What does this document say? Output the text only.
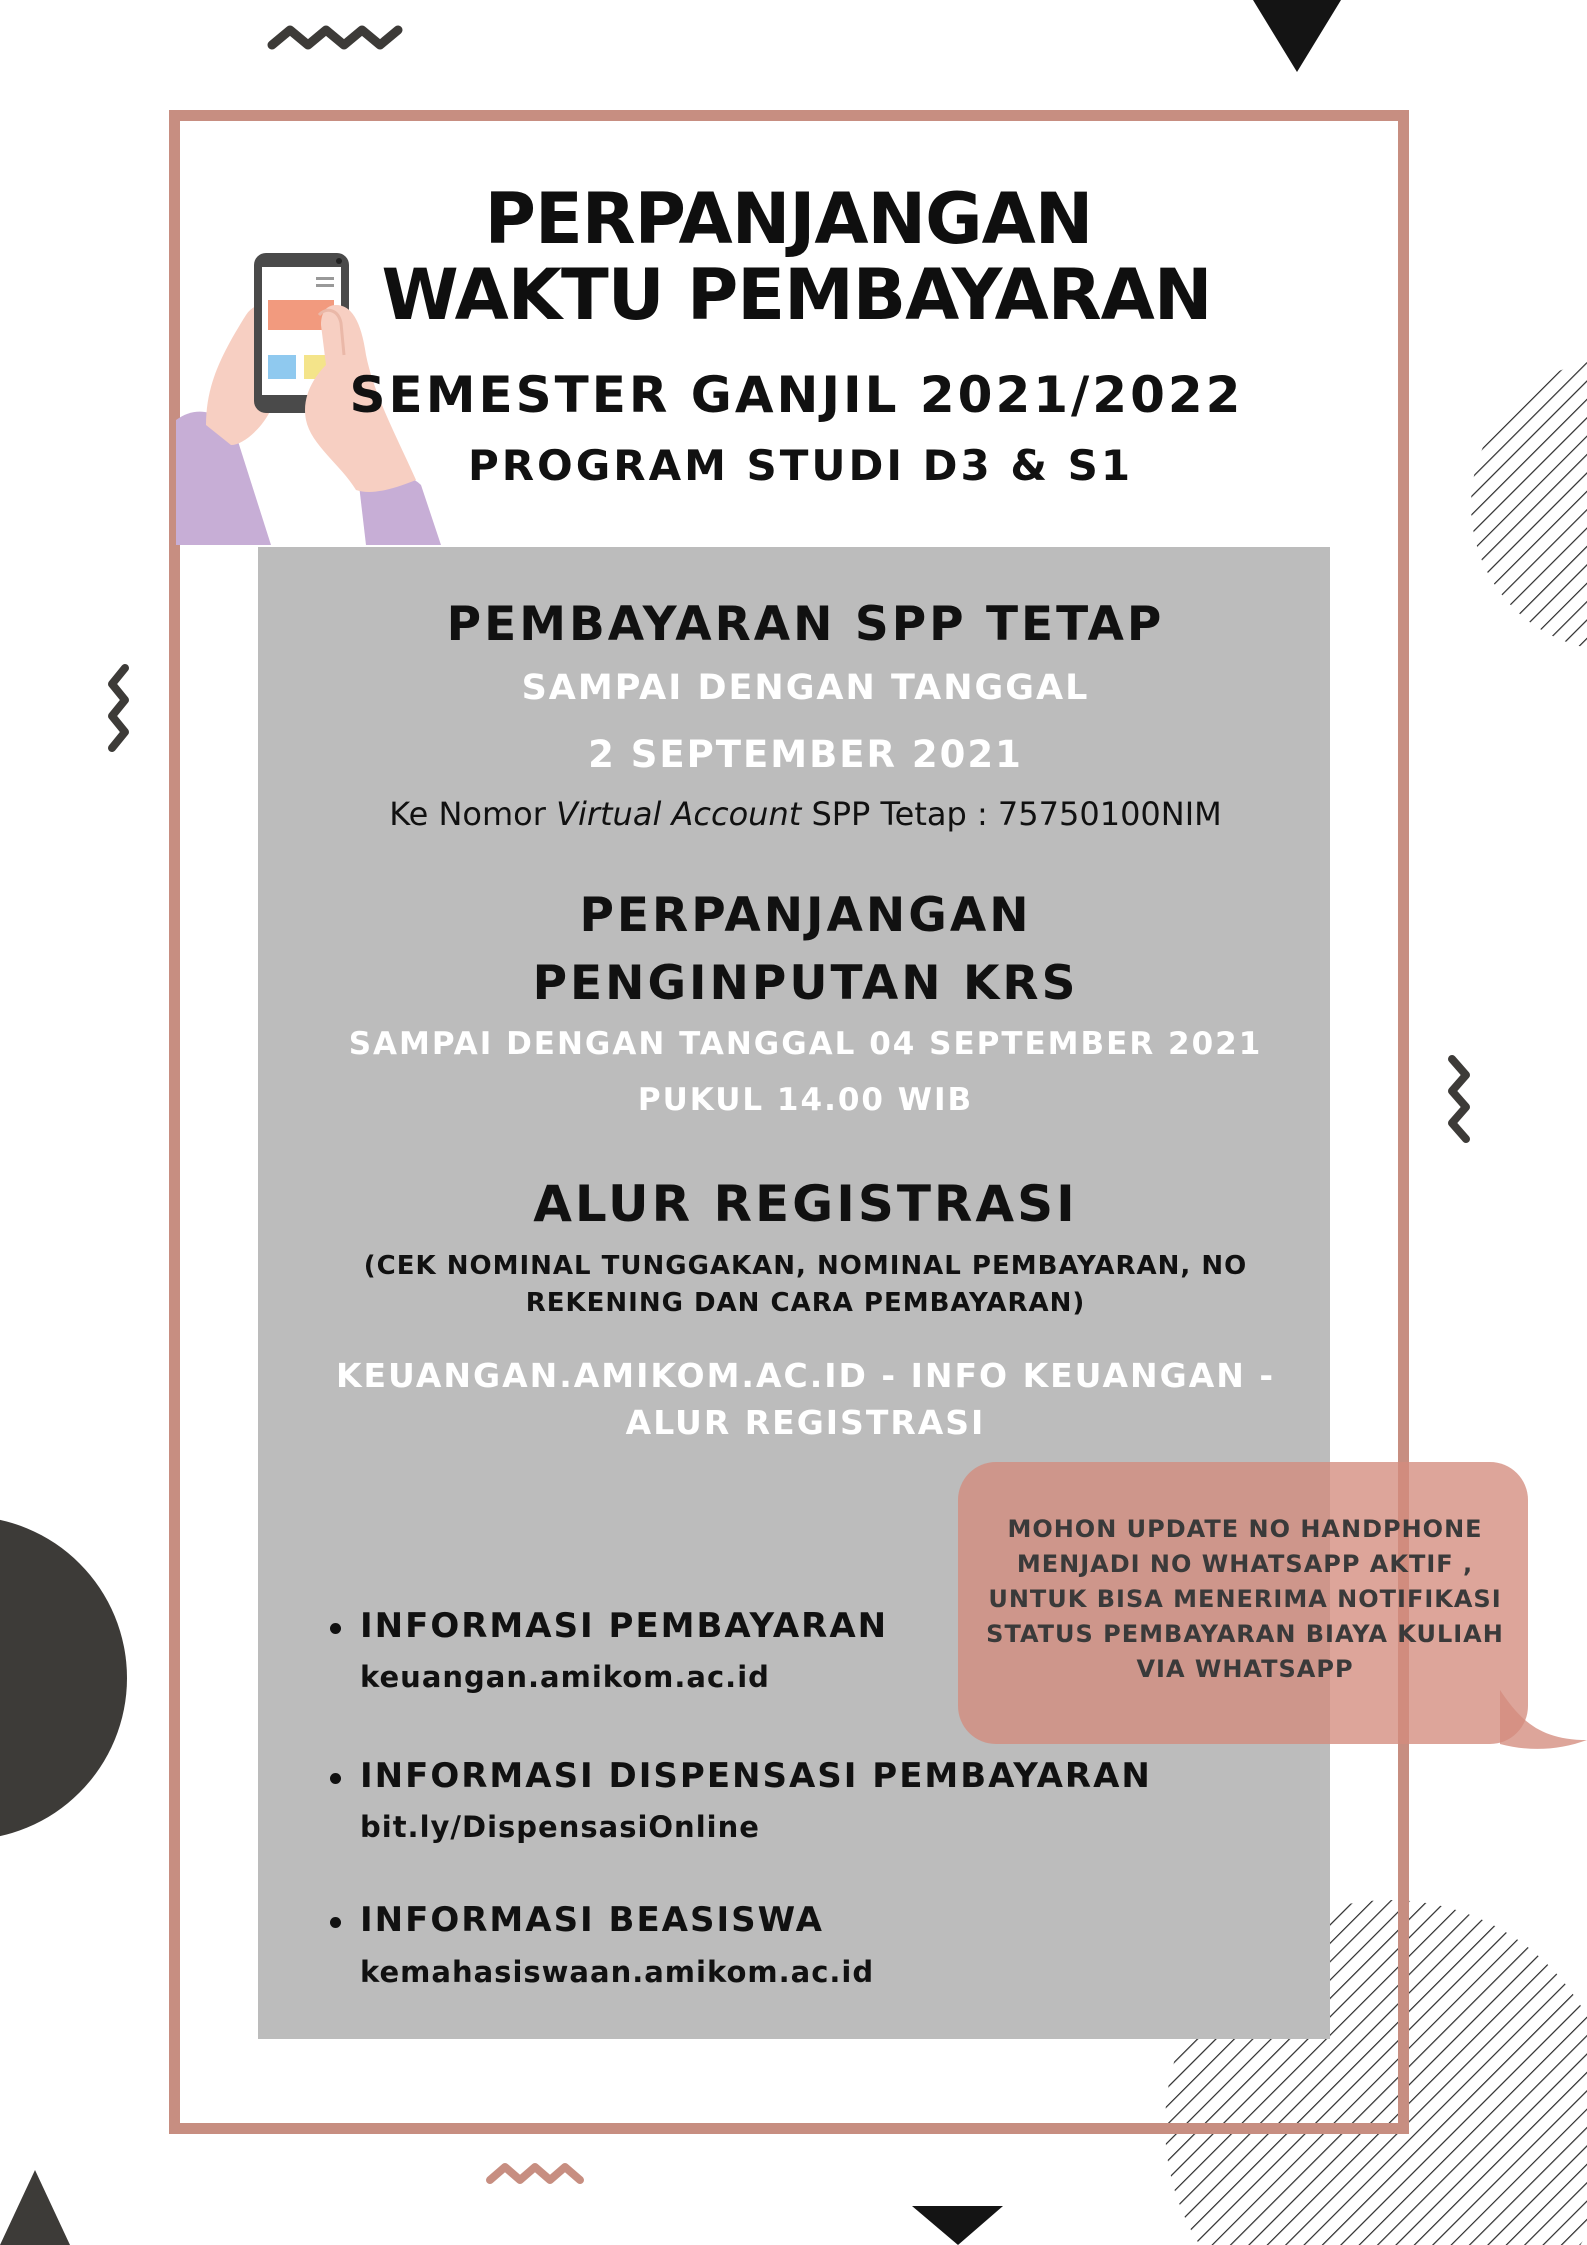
PERPANJANGAN
WAKTU PEMBAYARAN
SEMESTER GANJIL 2021/2022
PROGRAM STUDI D3 & S1
PEMBAYARAN SPP TETAP
SAMPAI DENGAN TANGGAL
2 SEPTEMBER 2021
Ke Nomor Virtual Account SPP Tetap : 75750100NIM
PERPANJANGAN
PENGINPUTAN KRS
SAMPAI DENGAN TANGGAL 04 SEPTEMBER 2021
PUKUL 14.00 WIB
ALUR REGISTRASI
(CEK NOMINAL TUNGGAKAN, NOMINAL PEMBAYARAN, NO
REKENING DAN CARA PEMBAYARAN)
KEUANGAN.AMIKOM.AC.ID - INFO KEUANGAN -
ALUR REGISTRASI
INFORMASI PEMBAYARAN
keuangan.amikom.ac.id
INFORMASI DISPENSASI PEMBAYARAN
bit.ly/DispensasiOnline
INFORMASI BEASISWA
kemahasiswaan.amikom.ac.id
MOHON UPDATE NO HANDPHONE
MENJADI NO WHATSAPP AKTIF ,
UNTUK BISA MENERIMA NOTIFIKASI
STATUS PEMBAYARAN BIAYA KULIAH
VIA WHATSAPP
